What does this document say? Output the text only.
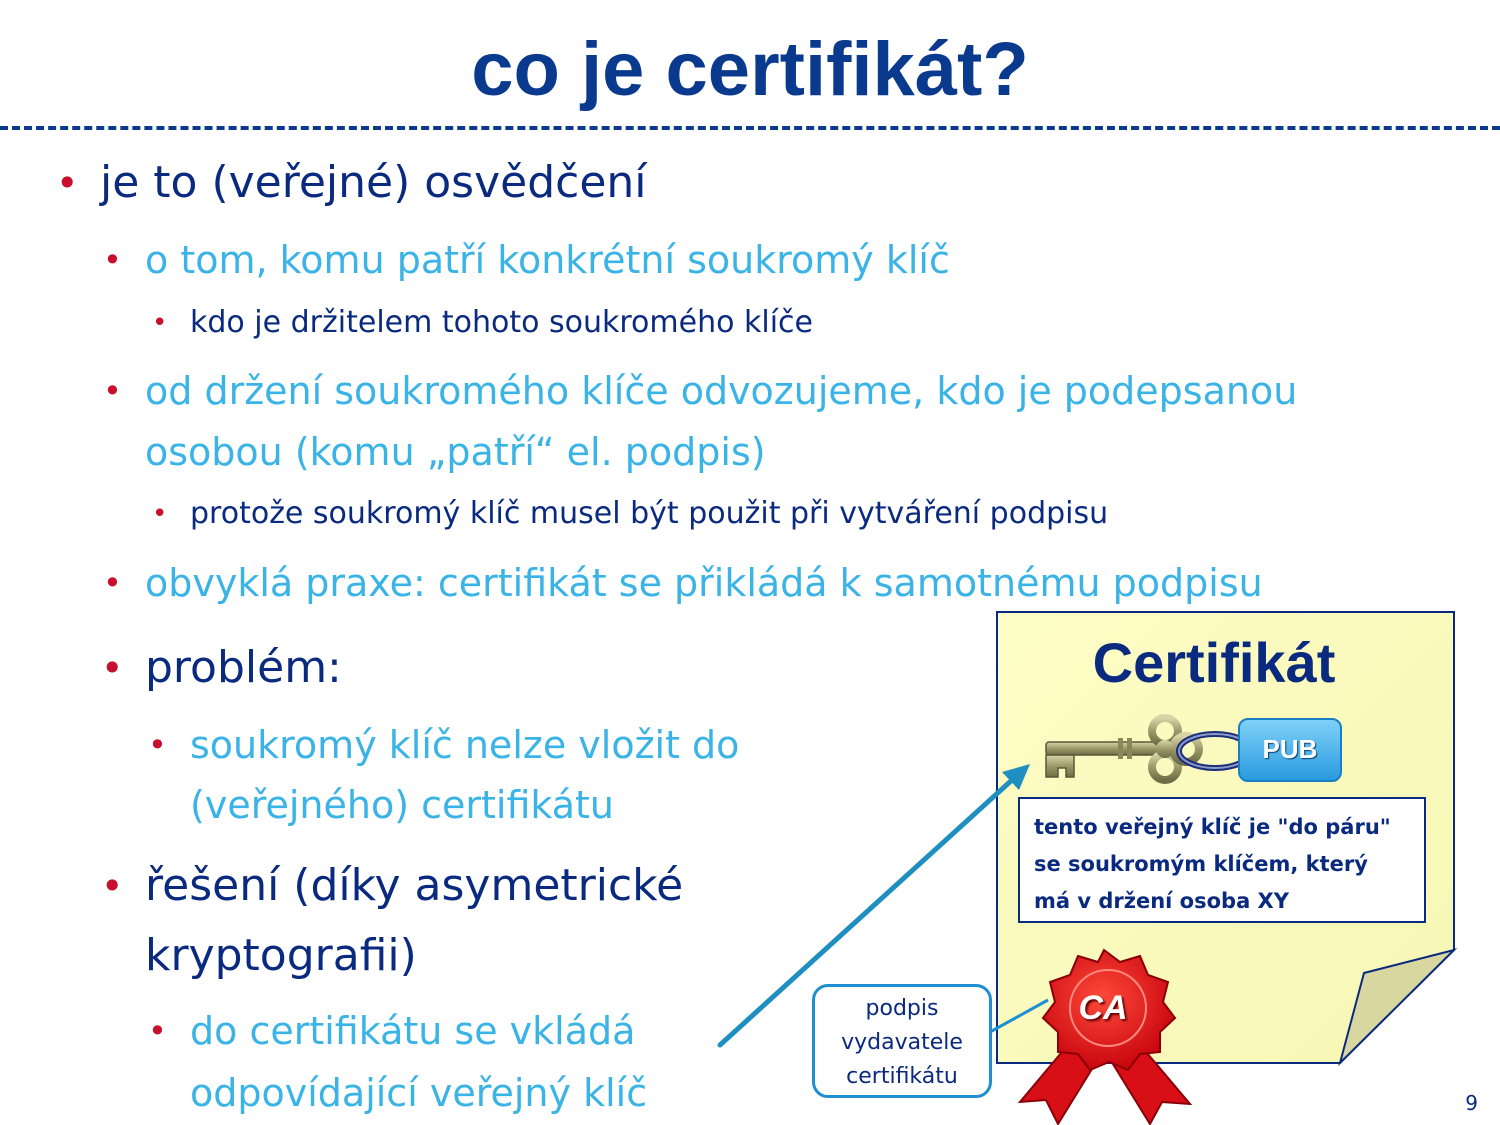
co je certifikát?
• je to (veřejné) osvědčení
• o tom, komu patří konkrétní soukromý klíč
• kdo je držitelem tohoto soukromého klíče
• od držení soukromého klíče odvozujeme, kdo je podepsanou
osobou (komu „patří“ el. podpis)
• protože soukromý klíč musel být použit při vytváření podpisu
• obvyklá praxe: certifikát se přikládá k samotnému podpisu
• problém:
• soukromý klíč nelze vložit do
(veřejného) certifikátu
• řešení (díky asymetrické
kryptografii)
• do certifikátu se vkládá
odpovídající veřejný klíč
Certifikát
PUB
tento veřejný klíč je "do páru"
se soukromým klíčem, který
má v držení osoba XY
CA
podpis
vydavatele
certifikátu
9
